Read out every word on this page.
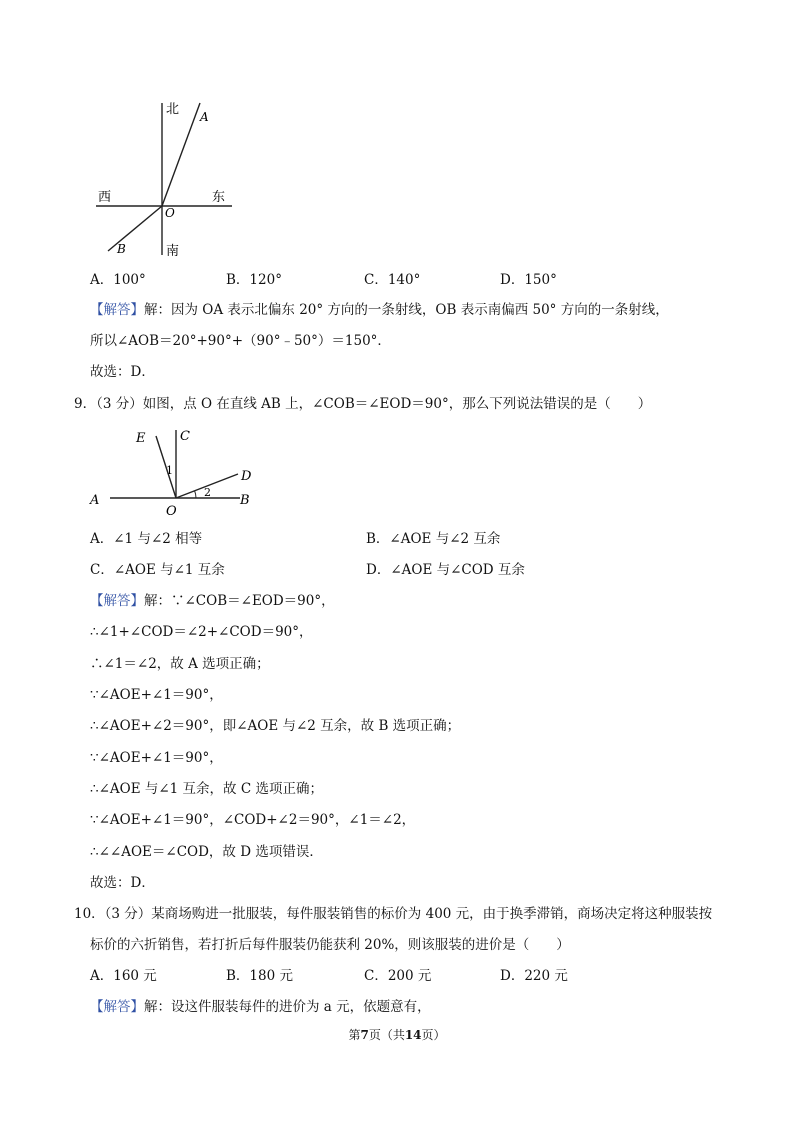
北
南
西	东
A
B
O
A．100°	B．120°	C．140°	D．150°
【解答】解：因为 OA 表示北偏东 20° 方向的一条射线，OB 表示南偏西 50° 方向的一条射线，
所以∠AOB＝20°+90°+（90°﹣50°）＝150°．
故选：D．
9．（3 分）如图，点 O 在直线 AB 上，∠COB＝∠EOD＝90°，那么下列说法错误的是（　　）
E	C
D
A	B
O
1
2
A．∠1 与∠2 相等	B．∠AOE 与∠2 互余
C．∠AOE 与∠1 互余	D．∠AOE 与∠COD 互余
【解答】解：∵∠COB＝∠EOD＝90°，
∴∠1+∠COD＝∠2+∠COD＝90°，
∴∠1＝∠2，故 A 选项正确；
∵∠AOE+∠1＝90°，
∴∠AOE+∠2＝90°，即∠AOE 与∠2 互余，故 B 选项正确；
∵∠AOE+∠1＝90°，
∴∠AOE 与∠1 互余，故 C 选项正确；
∵∠AOE+∠1＝90°，∠COD+∠2＝90°，∠1＝∠2，
∴∠∠AOE＝∠COD，故 D 选项错误．
故选：D．
10．（3 分）某商场购进一批服装，每件服装销售的标价为 400 元，由于换季滞销，商场决定将这种服装按
标价的六折销售，若打折后每件服装仍能获利 20%，则该服装的进价是（　　）
A．160 元	B．180 元	C．200 元	D．220 元
【解答】解：设这件服装每件的进价为 a 元，依题意有，
第7页（共14页）
